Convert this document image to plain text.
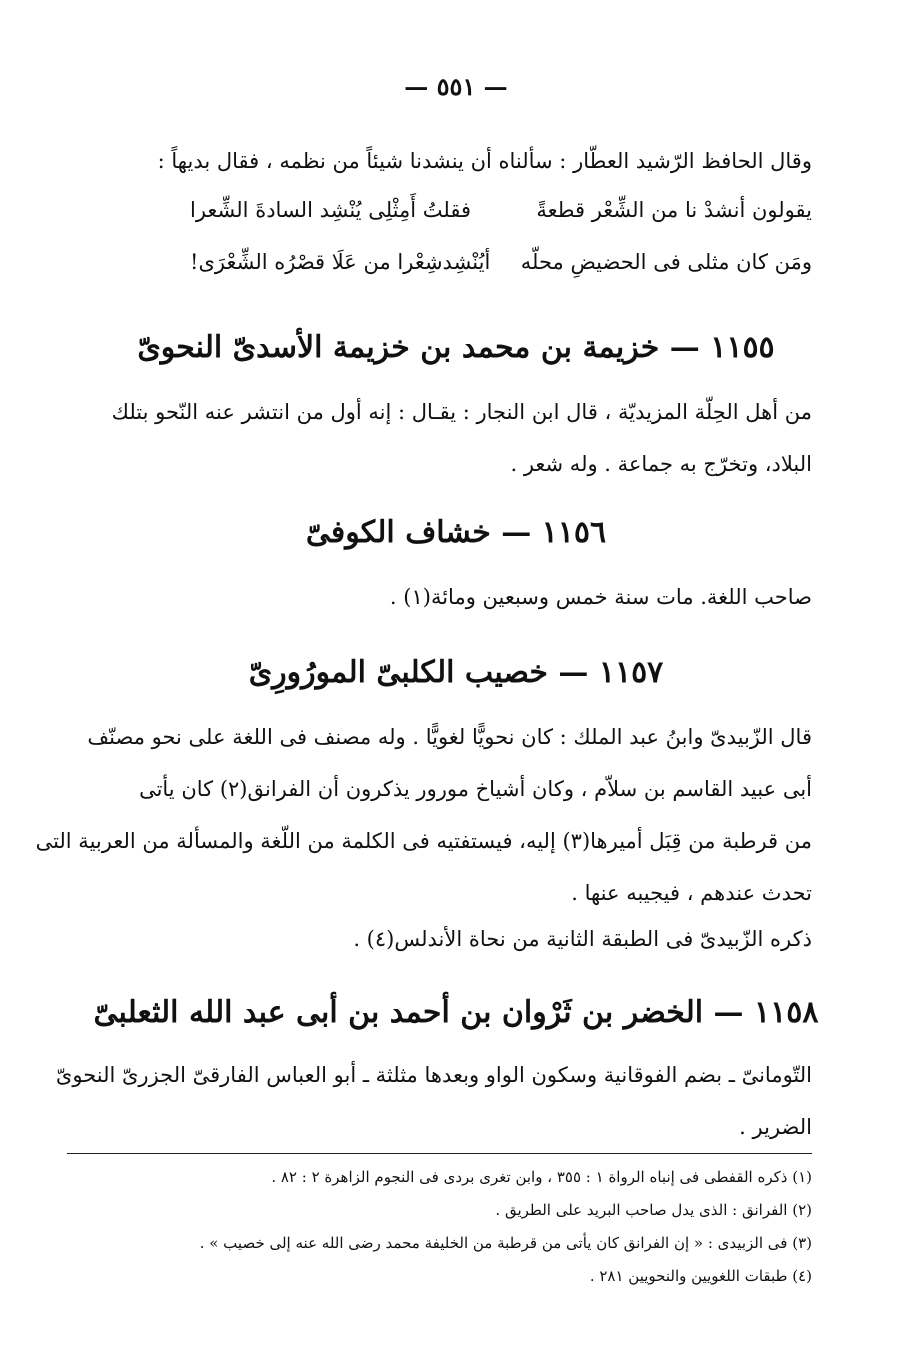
— ٥٥١ —
وقال الحافظ الرّشيد العطّار : سألناه أن ينشدنا شيئاً من نظمه ، فقال بديهاً :
يقولون أنشدْ نا من الشِّعْر قطعةً
فقلتُ أَمِثْلِى يُنْشِد السادةَ الشِّعرا
ومَن كان مثلى فى الحضيضِ محلّه
أيُنْشِدشِعْرا من عَلَا قصْرُه الشِّعْرَى!
١١٥٥ — خزيمة بن محمد بن خزيمة الأسدىّ النحوىّ
من أهل الحِلّة المزيديّة ، قال ابن النجار : يقـال : إنه أول من انتشر عنه النّحو بتلك
البلاد، وتخرّج به جماعة . وله شعر .
١١٥٦ — خشاف الكوفىّ
صاحب اللغة. مات سنة خمس وسبعين ومائة(١) .
١١٥٧ — خصيب الكلبىّ المورُورِىّ
قال الزّبيدىّ وابنُ عبد الملك : كان نحويًّا لغويًّا . وله مصنف فى اللغة على نحو مصنّف
أبى عبيد القاسم بن سلاّم ، وكان أشياخ مورور يذكرون أن الفرانق(٢) كان يأتى
من قرطبة من قِبَل أميرها(٣) إليه، فيستفتيه فى الكلمة من اللّغة والمسألة من العربية التى
تحدث عندهم ، فيجيبه عنها .
ذكره الزّبيدىّ فى الطبقة الثانية من نحاة الأندلس(٤) .
١١٥٨ — الخضر بن ثَرْوان بن أحمد بن أبى عبد الله الثعلبىّ
التّومانىّ ـ بضم الفوقانية وسكون الواو وبعدها مثلثة ـ أبو العباس الفارقىّ الجزرىّ النحوىّ
الضرير .
(١) ذكره القفطى فى إنباه الرواة ١ : ٣٥٥ ، وابن تغرى بردى فى النجوم الزاهرة ٢ : ٨٢ .
(٢) الفرانق : الذى يدل صاحب البريد على الطريق .
(٣) فى الزبيدى : « إن الفرانق كان يأتى من قرطبة من الخليفة محمد رضى الله عنه إلى خصيب » .
(٤) طبقات اللغويين والنحويين ٢٨١ .
